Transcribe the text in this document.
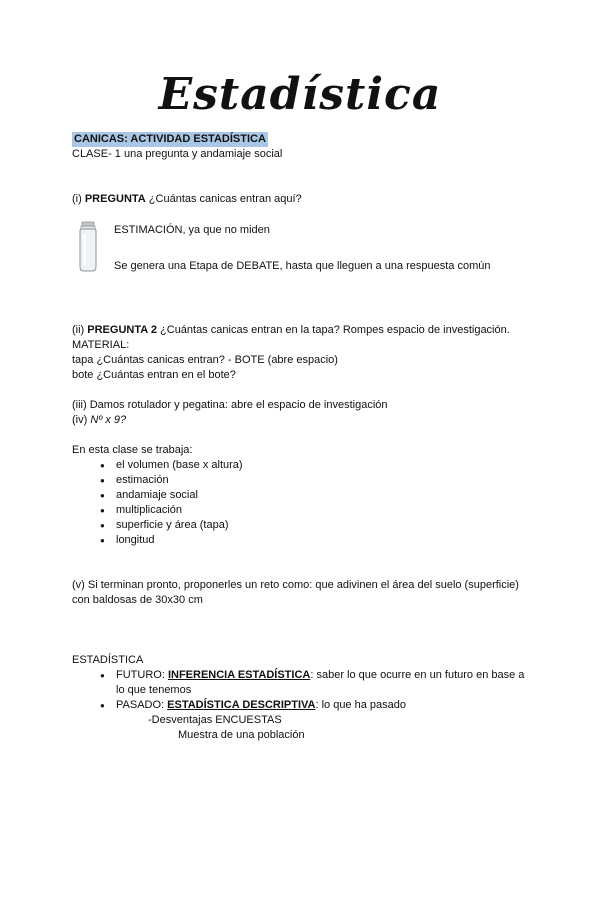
Estadística
CANICAS: ACTIVIDAD ESTADÍSTICA
CLASE- 1 una pregunta y andamiaje social
(i) PREGUNTA ¿Cuántas canicas entran aquí?
ESTIMACIÓN, ya que no miden
Se genera una Etapa de DEBATE, hasta que lleguen a una respuesta común
(ii) PREGUNTA 2 ¿Cuántas canicas entran en la tapa? Rompes espacio de investigación.
MATERIAL:
tapa ¿Cuántas canicas entran? - BOTE (abre espacio)
bote ¿Cuántas entran en el bote?
(iii) Damos rotulador y pegatina: abre el espacio de investigación
(iv) Nº x 9?
En esta clase se trabaja:
●	el volumen (base x altura)
●	estimación
●	andamiaje social
●	multiplicación
●	superficie y área (tapa)
●	longitud
(v) Si terminan pronto, proponerles un reto como: que adivinen el área del suelo (superficie) con baldosas de 30x30 cm
ESTADÍSTICA
●	FUTURO: INFERENCIA ESTADÍSTICA: saber lo que ocurre en un futuro en base a lo que tenemos
●	PASADO: ESTADÍSTICA DESCRIPTIVA: lo que ha pasado
-Desventajas ENCUESTAS
Muestra de una población
